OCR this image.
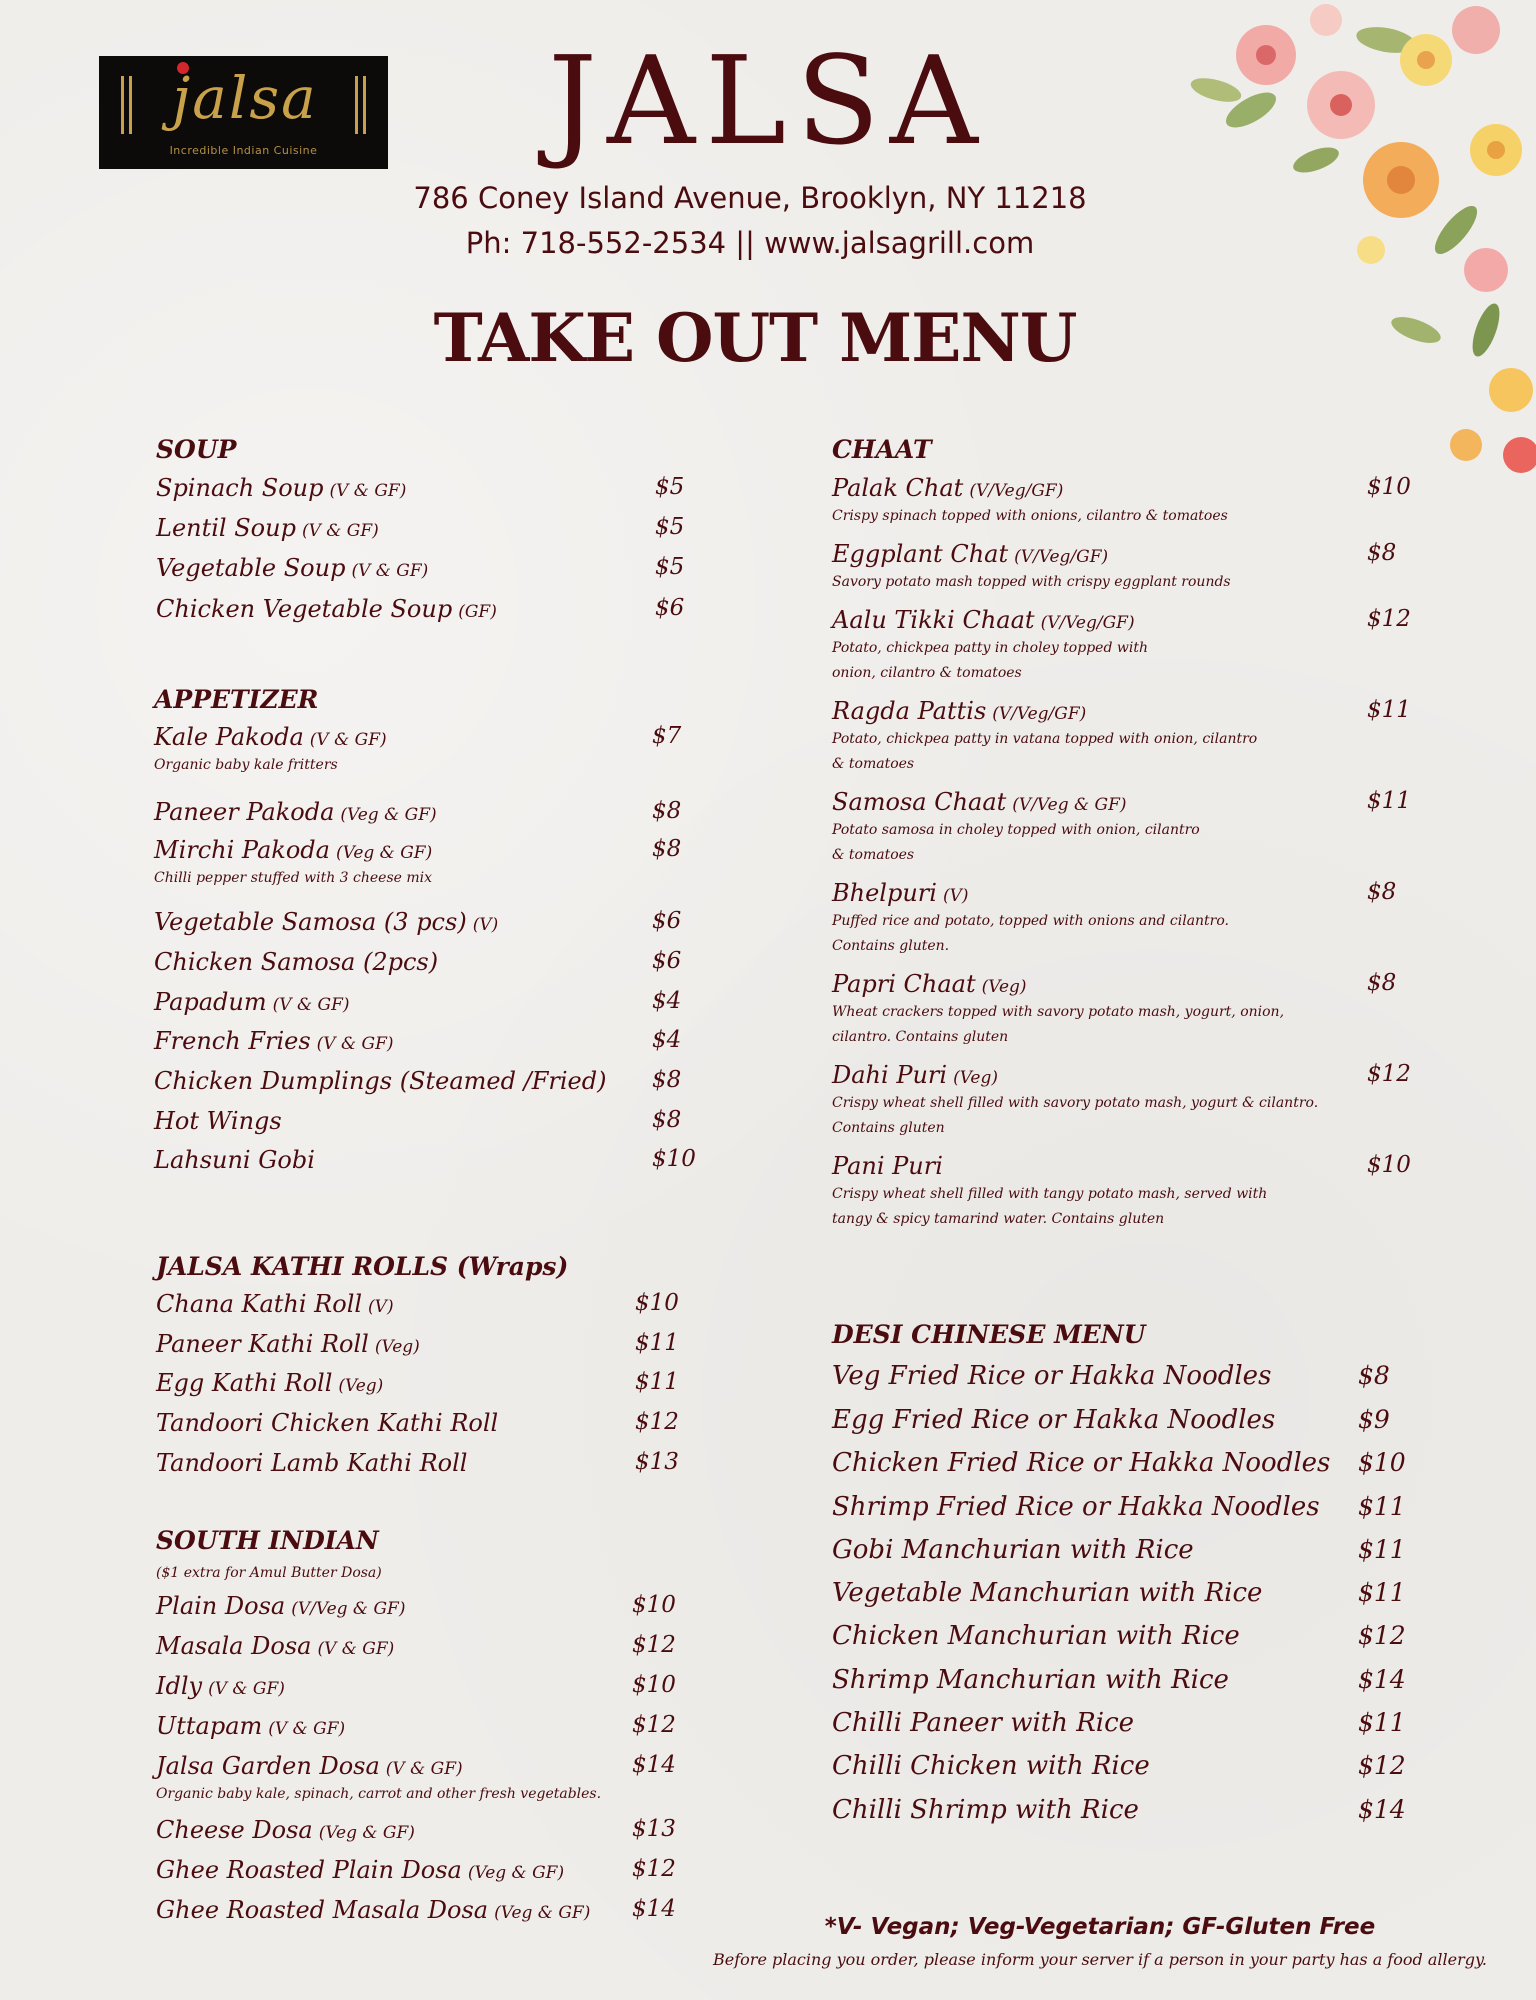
jalsa
Incredible Indian Cuisine	JALSA
786 Coney Island Avenue, Brooklyn, NY 11218
Ph: 718-552-2534 || www.jalsagrill.com
TAKE OUT MENU
SOUP
Spinach Soup (V & GF)	$5
Lentil Soup (V & GF)	$5
Vegetable Soup (V & GF)	$5
Chicken Vegetable Soup (GF)	$6
APPETIZER
Kale Pakoda (V & GF)	$7
Organic baby kale fritters
Paneer Pakoda (Veg & GF)	$8
Mirchi Pakoda (Veg & GF)	$8
Chilli pepper stuffed with 3 cheese mix
Vegetable Samosa (3 pcs) (V)	$6
Chicken Samosa (2pcs)	$6
Papadum (V & GF)	$4
French Fries (V & GF)	$4
Chicken Dumplings (Steamed /Fried) $8
Hot Wings	$8
Lahsuni Gobi	$10
JALSA KATHI ROLLS (Wraps)
Chana Kathi Roll (V)	$10
Paneer Kathi Roll (Veg)	$11
Egg Kathi Roll (Veg)	$11
Tandoori Chicken Kathi Roll	$12
Tandoori Lamb Kathi Roll	$13
SOUTH INDIAN
($1 extra for Amul Butter Dosa)
Plain Dosa (V/Veg & GF)	$10
Masala Dosa (V & GF)	$12
Idly (V & GF)	$10
Uttapam (V & GF)	$12
Jalsa Garden Dosa (V & GF)	$14
Organic baby kale, spinach, carrot and other fresh vegetables.
Cheese Dosa (Veg & GF)	$13
Ghee Roasted Plain Dosa (Veg & GF)	$12
Ghee Roasted Masala Dosa (Veg & GF) $14
CHAAT
Palak Chat (V/Veg/GF)	$10
Crispy spinach topped with onions, cilantro & tomatoes
Eggplant Chat (V/Veg/GF)	$8
Savory potato mash topped with crispy eggplant rounds
Aalu Tikki Chaat (V/Veg/GF)	$12
Potato, chickpea patty in choley topped with
onion, cilantro & tomatoes
Ragda Pattis (V/Veg/GF)	$11
Potato, chickpea patty in vatana topped with onion, cilantro
& tomatoes
Samosa Chaat (V/Veg & GF)	$11
Potato samosa in choley topped with onion, cilantro
& tomatoes
Bhelpuri (V)	$8
Puffed rice and potato, topped with onions and cilantro.
Contains gluten.
Papri Chaat (Veg)	$8
Wheat crackers topped with savory potato mash, yogurt, onion,
cilantro. Contains gluten
Dahi Puri (Veg)	$12
Crispy wheat shell filled with savory potato mash, yogurt & cilantro.
Contains gluten
Pani Puri	$10
Crispy wheat shell filled with tangy potato mash, served with
tangy & spicy tamarind water. Contains gluten
DESI CHINESE MENU
Veg Fried Rice or Hakka Noodles	$8
Egg Fried Rice or Hakka Noodles	$9
Chicken Fried Rice or Hakka Noodles $10
Shrimp Fried Rice or Hakka Noodles $11
Gobi Manchurian with Rice	$11
Vegetable Manchurian with Rice	$11
Chicken Manchurian with Rice	$12
Shrimp Manchurian with Rice	$14
Chilli Paneer with Rice	$11
Chilli Chicken with Rice	$12
Chilli Shrimp with Rice	$14
*V- Vegan; Veg-Vegetarian; GF-Gluten Free
Before placing you order, please inform your server if a person in your party has a food allergy.
